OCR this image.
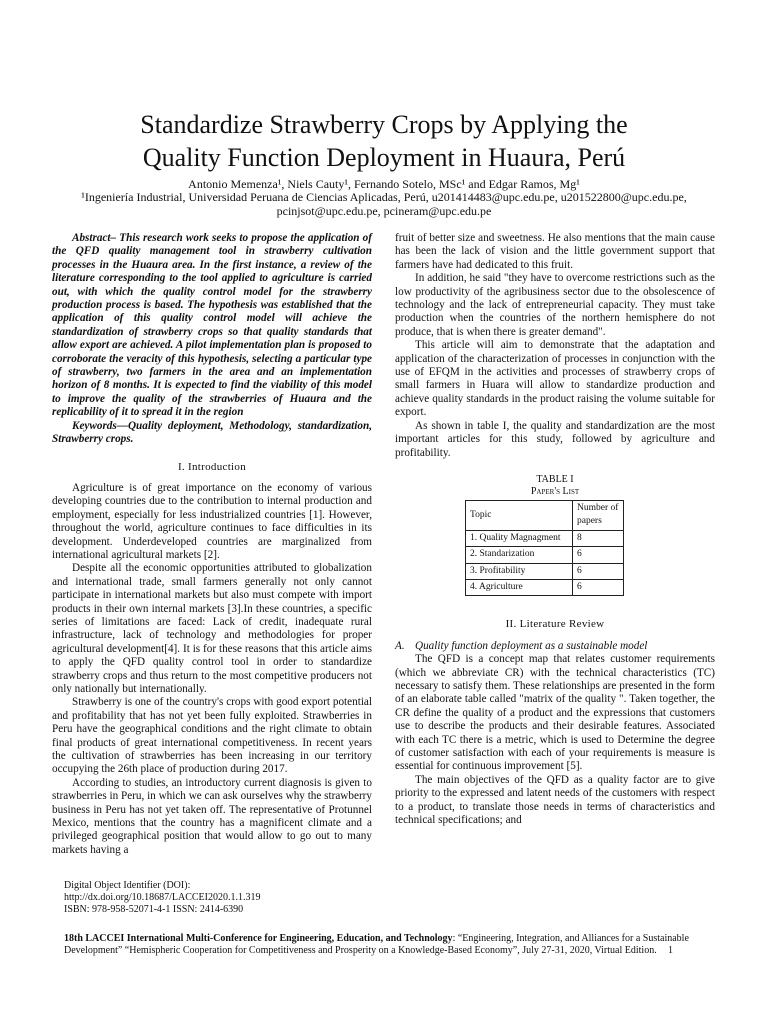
Standardize Strawberry Crops by Applying the
Quality Function Deployment in Huaura, Perú
Antonio Memenza¹, Niels Cauty¹, Fernando Sotelo, MSc¹ and Edgar Ramos, Mg¹
¹Ingeniería Industrial, Universidad Peruana de Ciencias Aplicadas, Perú, u201414483@upc.edu.pe, u201522800@upc.edu.pe,
pcinjsot@upc.edu.pe, pcineram@upc.edu.pe

Abstract– This research work seeks to propose the application of the QFD quality management tool in strawberry cultivation processes in the Huaura area. In the first instance, a review of the literature corresponding to the tool applied to agriculture is carried out, with which the quality control model for the strawberry production process is based. The hypothesis was established that the application of this quality control model will achieve the standardization of strawberry crops so that quality standards that allow export are achieved. A pilot implementation plan is proposed to corroborate the veracity of this hypothesis, selecting a particular type of strawberry, two farmers in the area and an implementation horizon of 8 months. It is expected to find the viability of this model to improve the quality of the strawberries of Huaura and the replicability of it to spread it in the region

Keywords—Quality deployment, Methodology, standardization, Strawberry crops.

I. Introduction

Agriculture is of great importance on the economy of various developing countries due to the contribution to internal production and employment, especially for less industrialized countries [1]. However, throughout the world, agriculture continues to face difficulties in its development. Underdeveloped countries are marginalized from international agricultural markets [2].

Despite all the economic opportunities attributed to globalization and international trade, small farmers generally not only cannot participate in international markets but also must compete with import products in their own internal markets [3].In these countries, a specific series of limitations are faced: Lack of credit, inadequate rural infrastructure, lack of technology and methodologies for proper agricultural development[4]. It is for these reasons that this article aims to apply the QFD quality control tool in order to standardize strawberry crops and thus return to the most competitive producers not only nationally but internationally.

Strawberry is one of the country's crops with good export potential and profitability that has not yet been fully exploited. Strawberries in Peru have the geographical conditions and the right climate to obtain final products of great international competitiveness. In recent years the cultivation of strawberries has been increasing in our territory occupying the 26th place of production during 2017.

According to studies, an introductory current diagnosis is given to strawberries in Peru, in which we can ask ourselves why the strawberry business in Peru has not yet taken off. The representative of Protunnel Mexico, mentions that the country has a magnificent climate and a privileged geographical position that would allow to go out to many markets having a

fruit of better size and sweetness. He also mentions that the main cause has been the lack of vision and the little government support that farmers have had dedicated to this fruit.

In addition, he said "they have to overcome restrictions such as the low productivity of the agribusiness sector due to the obsolescence of technology and the lack of entrepreneurial capacity. They must take production when the countries of the northern hemisphere do not produce, that is when there is greater demand".

This article will aim to demonstrate that the adaptation and application of the characterization of processes in conjunction with the use of EFQM in the activities and processes of strawberry crops of small farmers in Huara will allow to standardize production and achieve quality standards in the product raising the volume suitable for export.

As shown in table I, the quality and standardization are the most important articles for this study, followed by agriculture and profitability.

TABLE I
Paper's List
Topic	Number of papers
1. Quality Magnagment	8
2. Standarization	6
3. Profitability	6
4. Agriculture	6
II. Literature Review
A. Quality function deployment as a sustainable model

The QFD is a concept map that relates customer requirements (which we abbreviate CR) with the technical characteristics (TC) necessary to satisfy them. These relationships are presented in the form of an elaborate table called "matrix of the quality ". Taken together, the CR define the quality of a product and the expressions that customers use to describe the products and their desirable features. Associated with each TC there is a metric, which is used to Determine the degree of customer satisfaction with each of your requirements is measure is essential for continuous improvement [5].

The main objectives of the QFD as a quality factor are to give priority to the expressed and latent needs of the customers with respect to a product, to translate those needs in terms of characteristics and technical specifications; and

Digital Object Identifier (DOI):
http://dx.doi.org/10.18687/LACCEI2020.1.1.319
ISBN: 978-958-52071-4-1 ISSN: 2414-6390
18th LACCEI International Multi-Conference for Engineering, Education, and Technology: “Engineering, Integration, and Alliances for a Sustainable Development” “Hemispheric Cooperation for Competitiveness and Prosperity on a Knowledge-Based Economy”, July 27-31, 2020, Virtual Edition.	1
